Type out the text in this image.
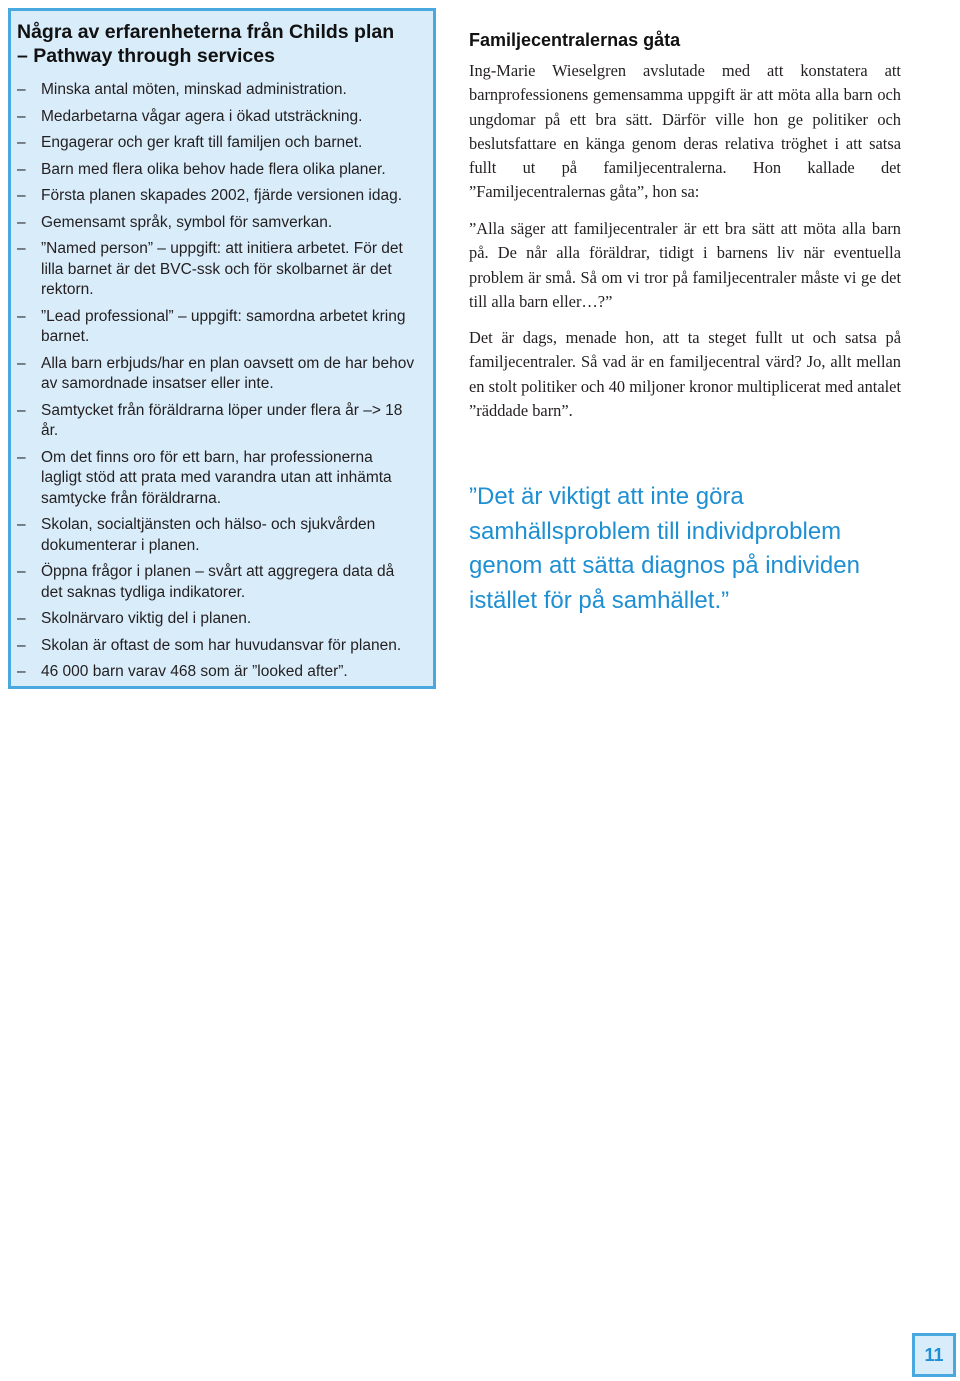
Några av erfarenheterna från Childs plan
– Pathway through services
– Minska antal möten, minskad administration.
– Medarbetarna vågar agera i ökad utsträckning.
– Engagerar och ger kraft till familjen och barnet.
– Barn med flera olika behov hade flera olika planer.
– Första planen skapades 2002, fjärde versionen idag.
– Gemensamt språk, symbol för samverkan.
– ”Named person” – uppgift: att initiera arbetet. För det lilla barnet är det BVC-ssk och för skolbarnet är det rektorn.
– ”Lead professional” – uppgift: samordna arbetet kring barnet.
– Alla barn erbjuds/har en plan oavsett om de har behov av samordnade insatser eller inte.
– Samtycket från föräldrarna löper under flera år –> 18 år.
– Om det finns oro för ett barn, har professionerna lagligt stöd att prata med varandra utan att inhämta samtycke från föräldrarna.
– Skolan, socialtjänsten och hälso- och sjukvården dokumenterar i planen.
– Öppna frågor i planen – svårt att aggregera data då det saknas tydliga indikatorer.
– Skolnärvaro viktig del i planen.
– Skolan är oftast de som har huvudansvar för planen.
– 46 000 barn varav 468 som är ”looked after”.
Familjecentralernas gåta

Ing-Marie Wieselgren avslutade med att konstatera att barnprofessionens gemensamma uppgift är att möta alla barn och ungdomar på ett bra sätt. Därför ville hon ge politiker och beslutsfattare en känga genom deras relativa tröghet i att satsa fullt ut på familjecentralerna. Hon kallade det ”Familjecentralernas gåta”, hon sa:

”Alla säger att familjecentraler är ett bra sätt att möta alla barn på. De når alla föräldrar, tidigt i barnens liv när eventuella problem är små. Så om vi tror på familjecentraler måste vi ge det till alla barn eller…?”

Det är dags, menade hon, att ta steget fullt ut och satsa på familjecentraler. Så vad är en familjecentral värd? Jo, allt mellan en stolt politiker och 40 miljoner kronor multiplicerat med antalet ”räddade barn”.

”Det är viktigt att inte göra samhällsproblem till individproblem genom att sätta diagnos på individen istället för på samhället.”

11
